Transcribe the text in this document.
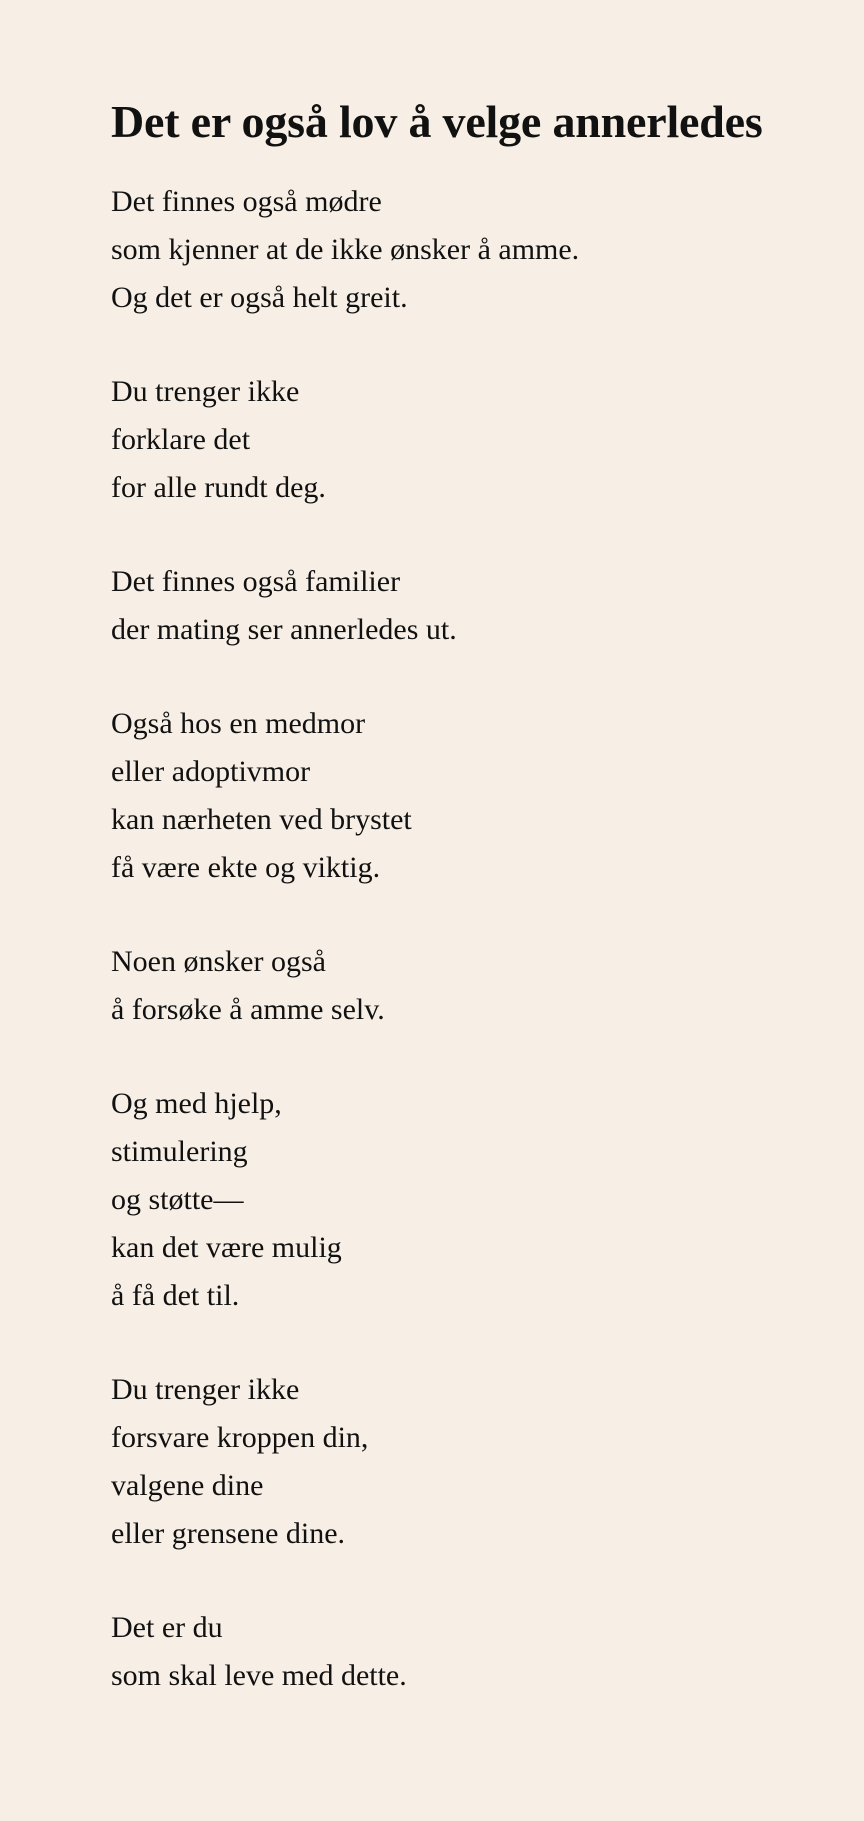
Det er også lov å velge annerledes
Det finnes også mødre
som kjenner at de ikke ønsker å amme.
Og det er også helt greit.
Du trenger ikke
forklare det
for alle rundt deg.
Det finnes også familier
der mating ser annerledes ut.
Også hos en medmor
eller adoptivmor
kan nærheten ved brystet
få være ekte og viktig.
Noen ønsker også
å forsøke å amme selv.
Og med hjelp,
stimulering
og støtte—
kan det være mulig
å få det til.
Du trenger ikke
forsvare kroppen din,
valgene dine
eller grensene dine.
Det er du
som skal leve med dette.
